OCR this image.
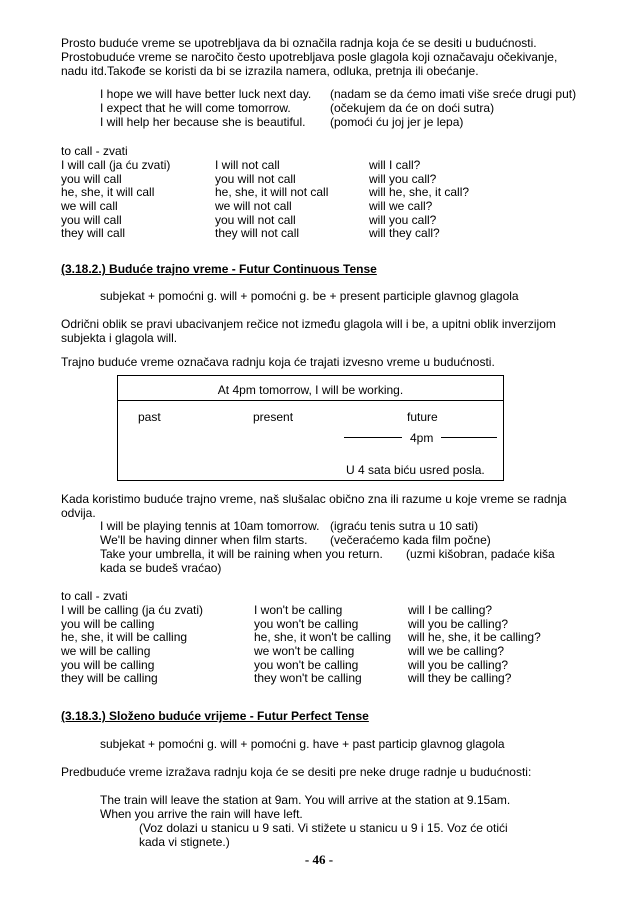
Prosto buduće vreme se upotrebljava da bi označila radnja koja će se desiti u budućnosti.
Prostobuduće vreme se naročito često upotrebljava posle glagola koji označavaju očekivanje,
nadu itd.Takođe se koristi da bi se izrazila namera, odluka, pretnja ili obećanje.
I hope we will have better luck next day.
I expect that he will come tomorrow.
I will help her because she is beautiful.
(nadam se da ćemo imati više sreće drugi put)
(očekujem da će on doći sutra)
(pomoći ću joj jer je lepa)
to call - zvati
I will call (ja ću zvati)
you will call
he, she, it will call
we will call
you will call
they will call
I will not call
you will not call
he, she, it will not call
we will not call
you will not call
they will not call
will I call?
will you call?
will he, she, it call?
will we call?
will you call?
will they call?
(3.18.2.) Buduće trajno vreme - Futur Continuous Tense
subjekat + pomoćni g. will + pomoćni g. be + present participle glavnog glagola
Odrični oblik se pravi ubacivanjem rečice not između glagola will i be, a upitni oblik inverzijom
subjekta i glagola will.
Trajno buduće vreme označava radnju koja će trajati izvesno vreme u budućnosti.
At 4pm tomorrow, I will be working.
past	present	future
4pm
U 4 sata biću usred posla.
Kada koristimo buduće trajno vreme, naš slušalac obično zna ili razume u koje vreme se radnja
odvija.
I will be playing tennis at 10am tomorrow. (igraću tenis sutra u 10 sati)
We'll be having dinner when film starts. (večeraćemo kada film počne)
Take your umbrella, it will be raining when you return. (uzmi kišobran, padaće kiša
kada se budeš vraćao)
to call - zvati
I will be calling (ja ću zvati)
you will be calling
he, she, it will be calling
we will be calling
you will be calling
they will be calling
I won't be calling
you won't be calling
he, she, it won't be calling
we won't be calling
you won't be calling
they won't be calling
will I be calling?
will you be calling?
will he, she, it be calling?
will we be calling?
will you be calling?
will they be calling?
(3.18.3.) Složeno buduće vrijeme - Futur Perfect Tense
subjekat + pomoćni g. will + pomoćni g. have + past particip glavnog glagola
Predbuduće vreme izražava radnju koja će se desiti pre neke druge radnje u budućnosti:
The train will leave the station at 9am. You will arrive at the station at 9.15am.
When you arrive the rain will have left.
(Voz dolazi u stanicu u 9 sati. Vi stižete u stanicu u 9 i 15. Voz će otići
kada vi stignete.)
- 46 -
